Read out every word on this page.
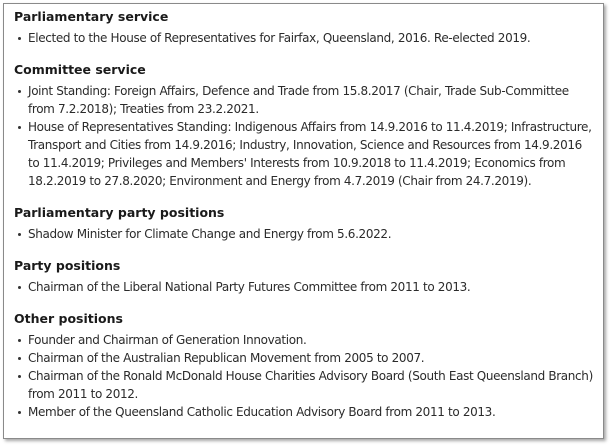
Parliamentary service
Elected to the House of Representatives for Fairfax, Queensland, 2016. Re-elected 2019.
Committee service
Joint Standing: Foreign Affairs, Defence and Trade from 15.8.2017 (Chair, Trade Sub-Committee from 7.2.2018); Treaties from 23.2.2021.
House of Representatives Standing: Indigenous Affairs from 14.9.2016 to 11.4.2019; Infrastructure, Transport and Cities from 14.9.2016; Industry, Innovation, Science and Resources from 14.9.2016 to 11.4.2019; Privileges and Members' Interests from 10.9.2018 to 11.4.2019; Economics from 18.2.2019 to 27.8.2020; Environment and Energy from 4.7.2019 (Chair from 24.7.2019).
Parliamentary party positions
Shadow Minister for Climate Change and Energy from 5.6.2022.
Party positions
Chairman of the Liberal National Party Futures Committee from 2011 to 2013.
Other positions
Founder and Chairman of Generation Innovation.
Chairman of the Australian Republican Movement from 2005 to 2007.
Chairman of the Ronald McDonald House Charities Advisory Board (South East Queensland Branch) from 2011 to 2012.
Member of the Queensland Catholic Education Advisory Board from 2011 to 2013.
